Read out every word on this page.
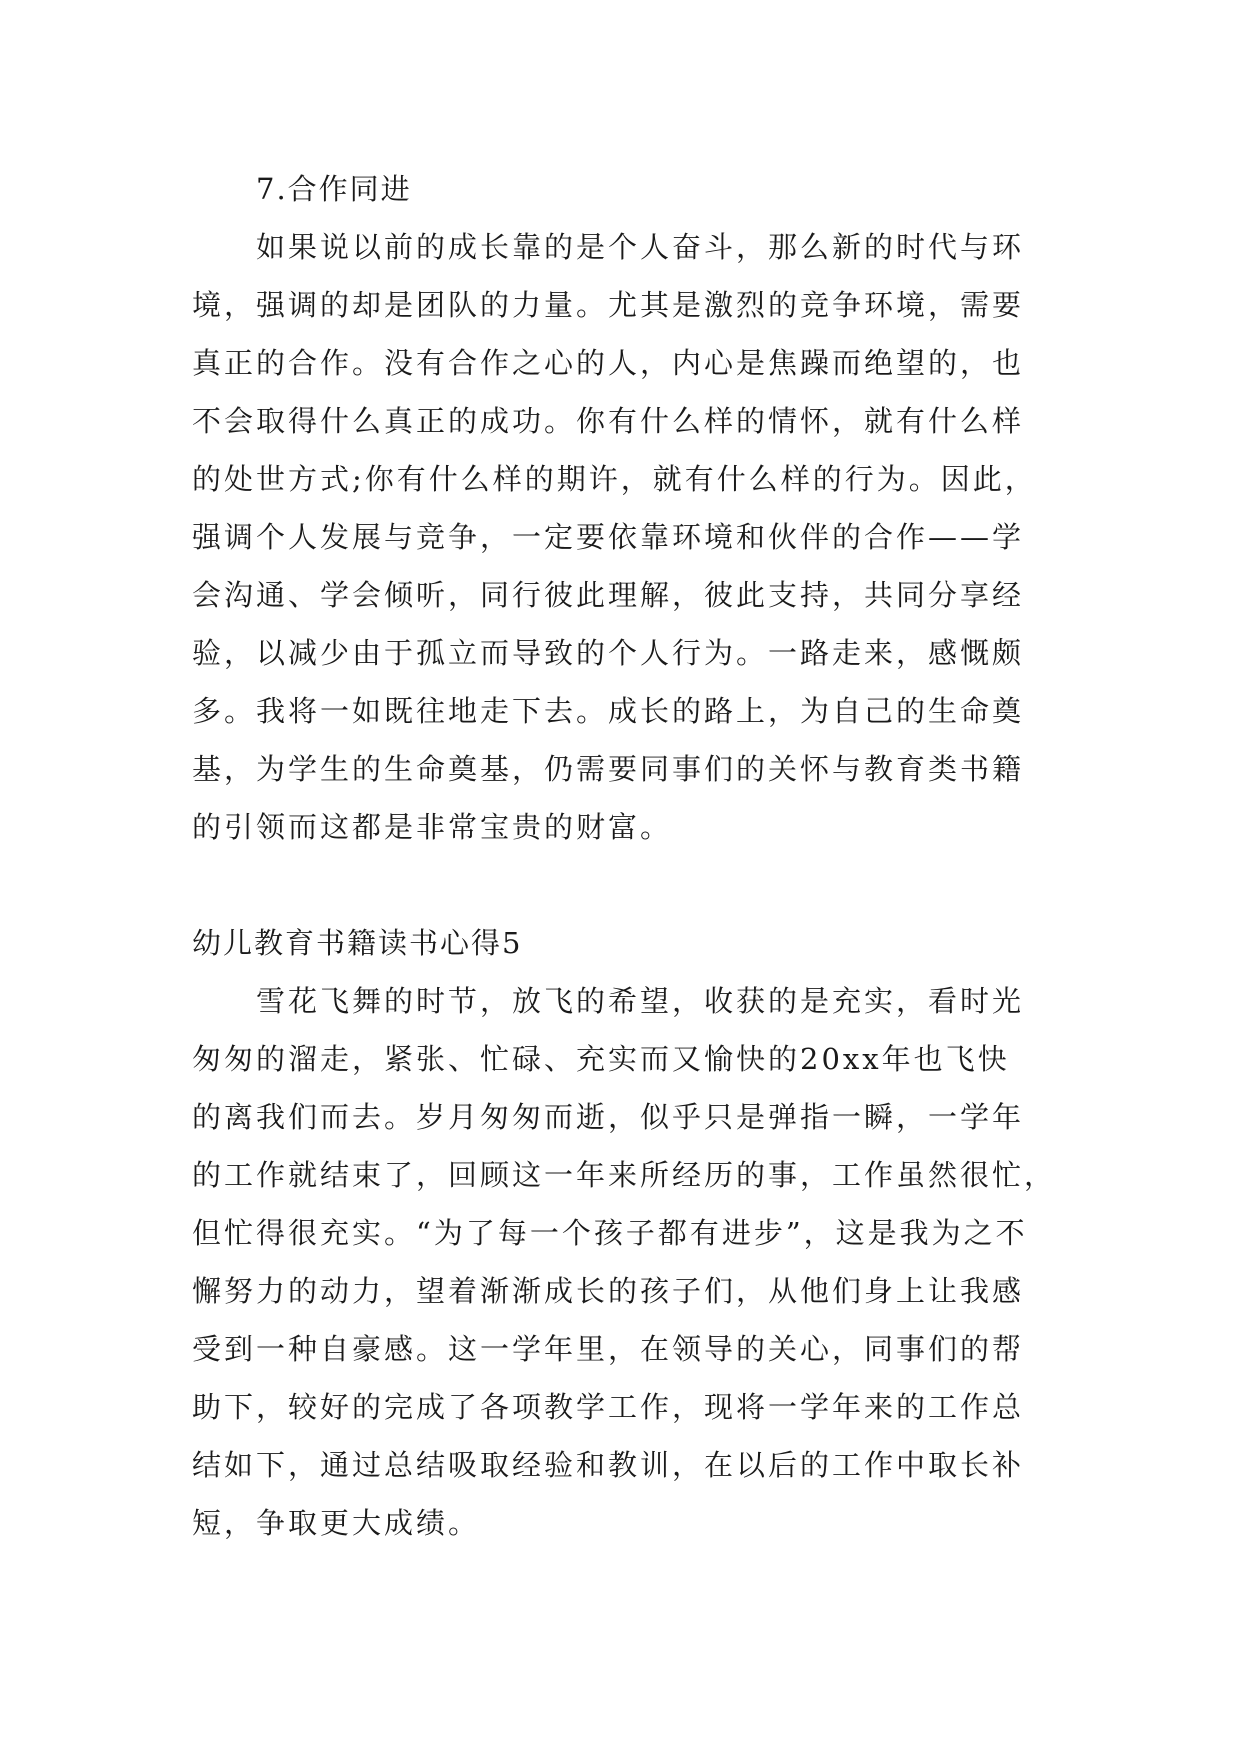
7.合作同进
如果说以前的成长靠的是个人奋斗，那么新的时代与环
境，强调的却是团队的力量。尤其是激烈的竞争环境，需要
真正的合作。没有合作之心的人，内心是焦躁而绝望的，也
不会取得什么真正的成功。你有什么样的情怀，就有什么样
的处世方式;你有什么样的期许，就有什么样的行为。因此，
强调个人发展与竞争，一定要依靠环境和伙伴的合作——学
会沟通、学会倾听，同行彼此理解，彼此支持，共同分享经
验，以减少由于孤立而导致的个人行为。一路走来，感慨颇
多。我将一如既往地走下去。成长的路上，为自己的生命奠
基，为学生的生命奠基，仍需要同事们的关怀与教育类书籍
的引领而这都是非常宝贵的财富。
幼儿教育书籍读书心得5
雪花飞舞的时节，放飞的希望，收获的是充实，看时光
匆匆的溜走，紧张、忙碌、充实而又愉快的20xx年也飞快
的离我们而去。岁月匆匆而逝，似乎只是弹指一瞬，一学年
的工作就结束了，回顾这一年来所经历的事，工作虽然很忙，
但忙得很充实。“为了每一个孩子都有进步”，这是我为之不
懈努力的动力，望着渐渐成长的孩子们，从他们身上让我感
受到一种自豪感。这一学年里，在领导的关心，同事们的帮
助下，较好的完成了各项教学工作，现将一学年来的工作总
结如下，通过总结吸取经验和教训，在以后的工作中取长补
短，争取更大成绩。
